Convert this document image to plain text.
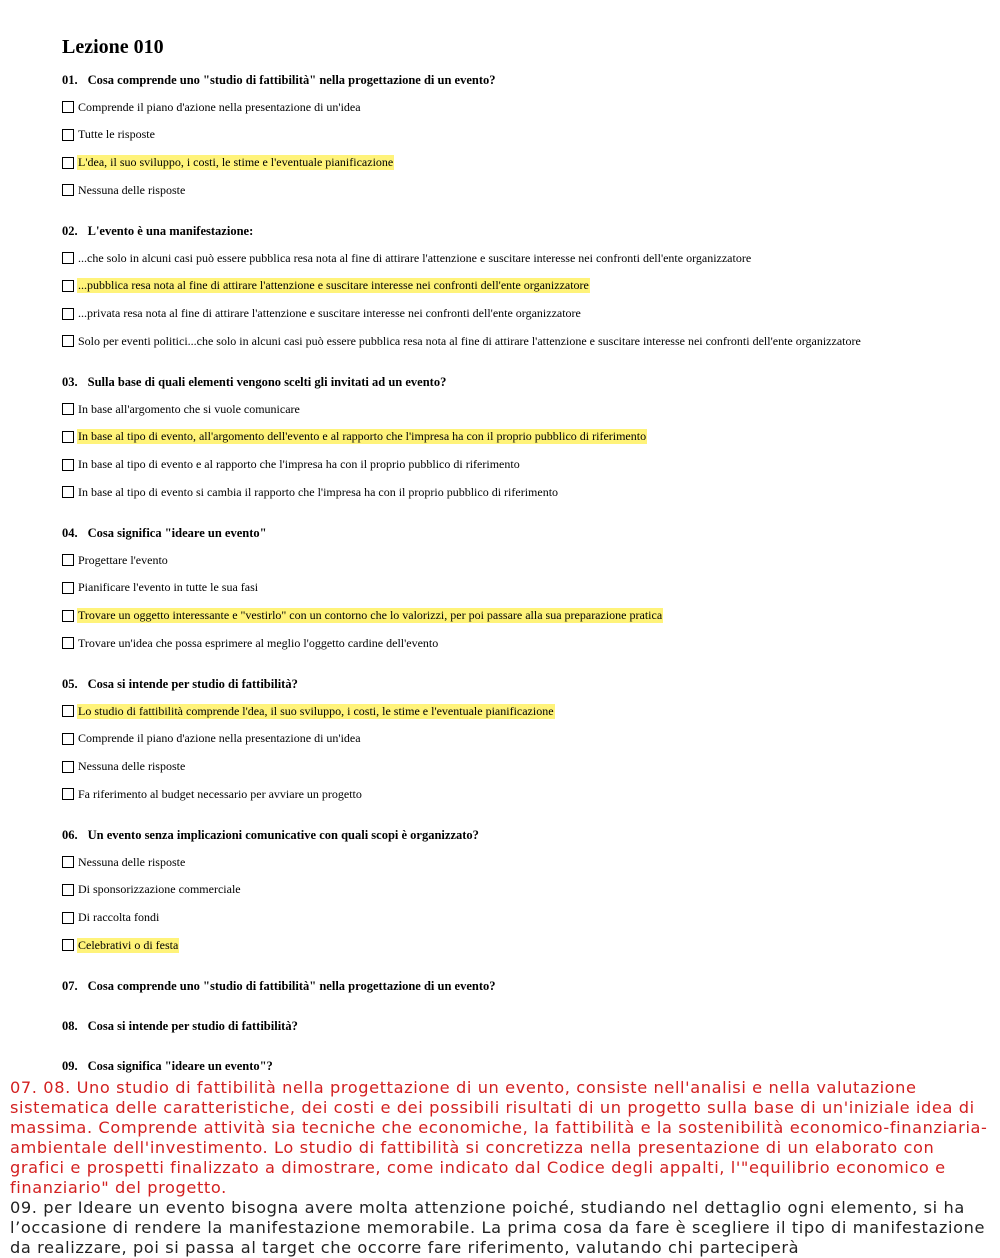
Lezione 010
01. Cosa comprende uno "studio di fattibilità" nella progettazione di un evento?
Comprende il piano d'azione nella presentazione di un'idea
Tutte le risposte
L'dea, il suo sviluppo, i costi, le stime e l'eventuale pianificazione
Nessuna delle risposte
02. L'evento è una manifestazione:
...che solo in alcuni casi può essere pubblica resa nota al fine di attirare l'attenzione e suscitare interesse nei confronti dell'ente organizzatore
...pubblica resa nota al fine di attirare l'attenzione e suscitare interesse nei confronti dell'ente organizzatore
...privata resa nota al fine di attirare l'attenzione e suscitare interesse nei confronti dell'ente organizzatore
Solo per eventi politici...che solo in alcuni casi può essere pubblica resa nota al fine di attirare l'attenzione e suscitare interesse nei confronti dell'ente organizzatore
03. Sulla base di quali elementi vengono scelti gli invitati ad un evento?
In base all'argomento che si vuole comunicare
In base al tipo di evento, all'argomento dell'evento e al rapporto che l'impresa ha con il proprio pubblico di riferimento
In base al tipo di evento e al rapporto che l'impresa ha con il proprio pubblico di riferimento
In base al tipo di evento si cambia il rapporto che l'impresa ha con il proprio pubblico di riferimento
04. Cosa significa "ideare un evento"
Progettare l'evento
Pianificare l'evento in tutte le sua fasi
Trovare un oggetto interessante e "vestirlo" con un contorno che lo valorizzi, per poi passare alla sua preparazione pratica
Trovare un'idea che possa esprimere al meglio l'oggetto cardine dell'evento
05. Cosa si intende per studio di fattibilità?
Lo studio di fattibilità comprende l'dea, il suo sviluppo, i costi, le stime e l'eventuale pianificazione
Comprende il piano d'azione nella presentazione di un'idea
Nessuna delle risposte
Fa riferimento al budget necessario per avviare un progetto
06. Un evento senza implicazioni comunicative con quali scopi è organizzato?
Nessuna delle risposte
Di sponsorizzazione commerciale
Di raccolta fondi
Celebrativi o di festa
07. Cosa comprende uno "studio di fattibilità" nella progettazione di un evento?
08. Cosa si intende per studio di fattibilità?
09. Cosa significa "ideare un evento"?

07. 08. Uno studio di fattibilità nella progettazione di un evento, consiste nell'analisi e nella valutazione sistematica delle caratteristiche, dei costi e dei possibili risultati di un progetto sulla base di un'iniziale idea di massima. Comprende attività sia tecniche che economiche, la fattibilità e la sostenibilità economico-finanziaria-ambientale dell'investimento. Lo studio di fattibilità si concretizza nella presentazione di un elaborato con grafici e prospetti finalizzato a dimostrare, come indicato dal Codice degli appalti, l'"equilibrio economico e finanziario" del progetto.

09. per Ideare un evento bisogna avere molta attenzione poiché, studiando nel dettaglio ogni elemento, si ha l’occasione di rendere la manifestazione memorabile. La prima cosa da fare è scegliere il tipo di manifestazione da realizzare, poi si passa al target che occorre fare riferimento, valutando chi parteciperà
